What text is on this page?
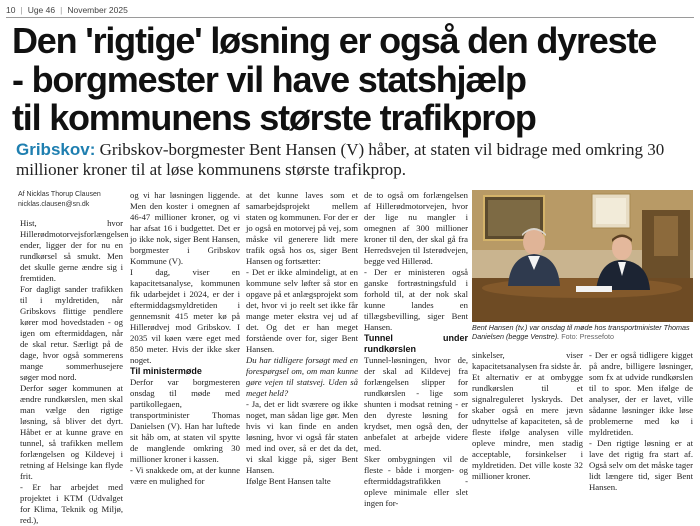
10 | Uge 46 | November 2025
Den 'rigtige' løsning er også den dyreste
- borgmester vil have statshjælp
til kommunens største trafikprop

Gribskov: Gribskov-borgmester Bent Hansen (V) håber, at staten vil bidrage med omkring 30 millioner kroner til at løse kommunens største trafikprop.

Af Nicklas Thorup Clausen
nicklas.clausen@sn.dk

Hist, hvor Hillerødmotorvejsforlængelsen ender, ligger der for nu en rundkørsel så smukt. Men det skulle gerne ændre sig i fremtiden.

For dagligt sander trafikken til i myldretiden, når Gribskovs flittige pendlere kører mod hovedstaden - og igen om eftermiddagen, når de skal retur. Særligt på de dage, hvor også sommerens mange sommerhusejere søger mod nord.

Derfor søger kommunen at ændre rundkørslen, men skal man vælge den rigtige løsning, så bliver det dyrt. Håbet er at kunne grave en tunnel, så trafikken mellem forlængelsen og Kildevej i retning af Helsinge kan flyde frit.

- Er har arbejdet med projektet i KTM (Udvalget for Klima, Teknik og Miljø, red.),

og vi har løsningen liggende. Men den koster i omegnen af 46-47 millioner kroner, og vi har afsat 16 i budgettet. Det er jo ikke nok, siger Bent Hansen, borgmester i Gribskov Kommune (V).

I dag, viser en kapacitetsanalyse, kommunen fik udarbejdet i 2024, er der i eftermiddagsmyldretiden i gennemsnit 415 meter kø på Hillerødvej mod Gribskov. I 2035 vil køen være eget med 850 meter. Hvis der ikke sker noget.

Til ministermøde

Derfor var borgmesteren onsdag til møde med partikollegaen, transportminister Thomas Danielsen (V). Han har luftede sit håb om, at staten vil spytte de manglende omkring 30 millioner kroner i kassen.

- Vi snakkede om, at der kunne være en mulighed for

at det kunne laves som et samarbejdsprojekt mellem staten og kommunen. For der er jo også en motorvej på vej, som måske vil generere lidt mere trafik også hos os, siger Bent Hansen og fortsætter:

- Det er ikke almindeligt, at en kommune selv løfter så stor en opgave på et anlægsprojekt som det, hvor vi jo reelt set ikke får mange meter ekstra vej ud af det. Og det er han meget forstående over for, siger Bent Hansen.

Du har tidligere forsøgt med en forespørgsel om, om man kunne gøre vejen til statsvej. Uden så meget held?

- Ja, det er lidt sværere og ikke noget, man sådan lige gør. Men hvis vi kan finde en anden løsning, hvor vi også får staten med ind over, så er det da det, vi skal kigge på, siger Bent Hansen.

Ifølge Bent Hansen talte

de to også om forlængelsen af Hillerødmotorvejen, hvor der lige nu mangler i omegnen af 300 millioner kroner til den, der skal gå fra Herredsvejen til Isterødvejen, begge ved Hillerød.

- Der er ministeren også ganske fortrøstningsfuld i forhold til, at der nok skal kunne landes en tillægsbevilling, siger Bent Hansen.

Tunnel under rundkørslen

Tunnel-løsningen, hvor de, der skal ad Kildevej fra forlængelsen slipper for rundkørslen - lige som shunten i modsat retning - er den dyreste løsning for krydset, men også den, der anbefalet at arbejde videre med.

Sker ombygningen vil de fleste - både i morgen- og eftermiddagstrafikken - opleve minimale eller slet ingen for-

Bent Hansen (tv.) var onsdag til møde hos transportminister Thomas Danielsen (begge Venstre). Foto: Pressefoto

sinkelser, viser kapacitetsanalysen fra sidste år.

Et alternativ er at ombygge rundkørslen til et signalreguleret lyskryds. Det skaber også en mere jævn udnyttelse af kapaciteten, så de fleste ifølge analysen ville opleve mindre, men stadig acceptable, forsinkelser i myldretiden. Det ville koste 32 millioner kroner.

- Der er også tidligere kigget på andre, billigere løsninger, som fx at udvide rundkørslen til to spor. Men ifølge de analyser, der er lavet, ville sådanne løsninger ikke løse problemerne med kø i myldretiden.

- Den rigtige løsning er at lave det rigtig fra start af. Også selv om det måske tager lidt længere tid, siger Bent Hansen.
